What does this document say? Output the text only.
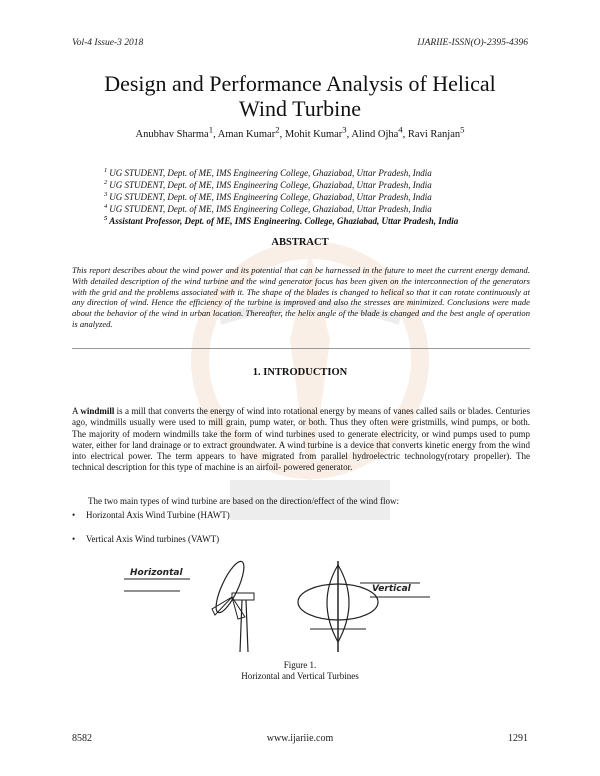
Vol-4 Issue-3 2018	IJARIIE-ISSN(O)-2395-4396
Design and Performance Analysis of Helical
Wind Turbine
Anubhav Sharma$^1$, Aman Kumar$^2$, Mohit Kumar$^3$, Alind Ojha$^4$, Ravi Ranjan$^5$
$^1$ UG STUDENT, Dept. of ME, IMS Engineering College, Ghaziabad, Uttar Pradesh, India
$^2$ UG STUDENT, Dept. of ME, IMS Engineering College, Ghaziabad, Uttar Pradesh, India
$^3$ UG STUDENT, Dept. of ME, IMS Engineering College, Ghaziabad, Uttar Pradesh, India
$^4$ UG STUDENT, Dept. of ME, IMS Engineering College, Ghaziabad, Uttar Pradesh, India
$^5$ Assistant Professor, Dept. of ME, IMS Engineering. College, Ghaziabad, Uttar Pradesh, India
ABSTRACT
This report describes about the wind power and its potential that can be harnessed in the future to meet the current energy demand. With detailed description of the wind turbine and the wind generator focus has been given on the interconnection of the generators with the grid and the problems associated with it. The shape of the blades is changed to helical so that it can rotate continuously at any direction of wind. Hence the efficiency of the turbine is improved and also the stresses are minimized. Conclusions were made about the behavior of the wind in urban location. Thereafter, the helix angle of the blade is changed and the best angle of operation is analyzed.
1. INTRODUCTION
A windmill is a mill that converts the energy of wind into rotational energy by means of vanes called sails or blades. Centuries ago, windmills usually were used to mill grain, pump water, or both. Thus they often were gristmills, wind pumps, or both. The majority of modern windmills take the form of wind turbines used to generate electricity, or wind pumps used to pump water, either for land drainage or to extract groundwater. A wind turbine is a device that converts kinetic energy from the wind into electrical power. The term appears to have migrated from parallel hydroelectric technology(rotary propeller). The technical description for this type of machine is an airfoil- powered generator.
The two main types of wind turbine are based on the direction/effect of the wind flow:
• Horizontal Axis Wind Turbine (HAWT)
• Vertical Axis Wind turbines (VAWT)
Horizontal
Vertical
Figure 1.
Horizontal and Vertical Turbines
8582	www.ijariie.com	1291
